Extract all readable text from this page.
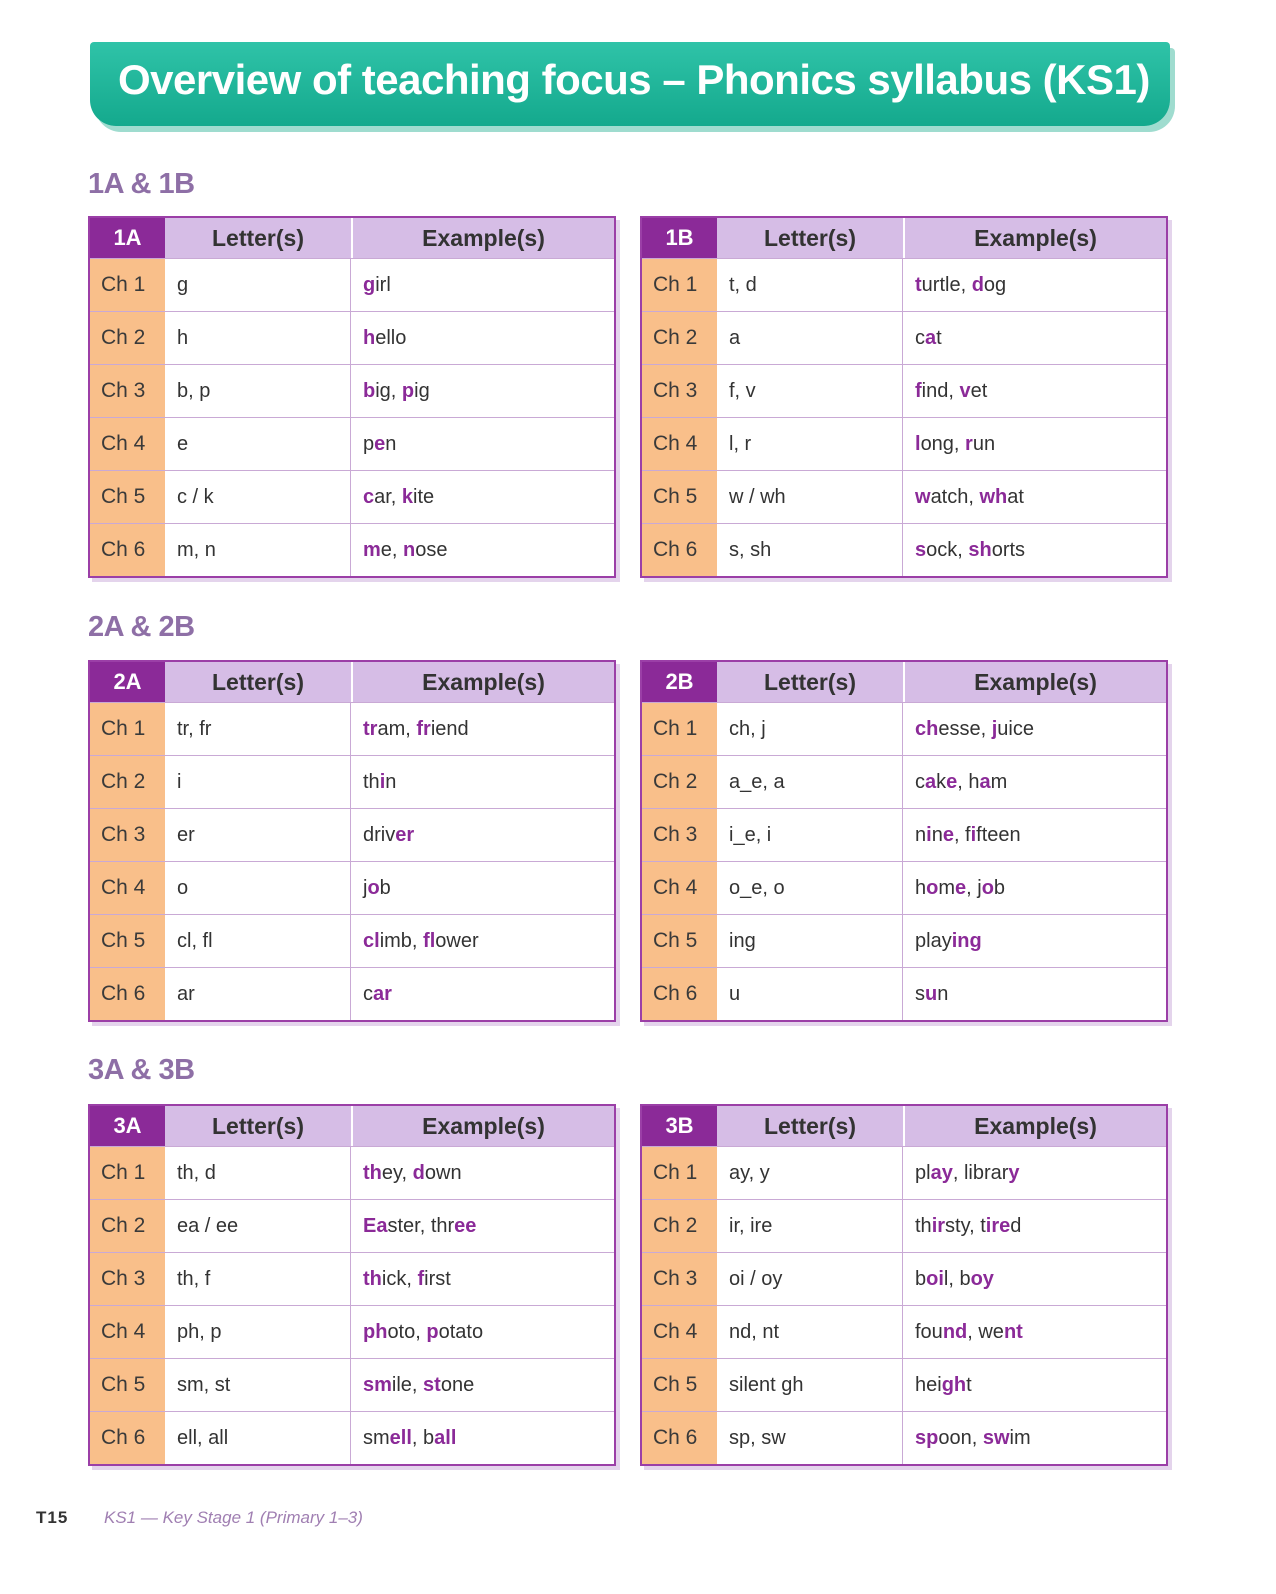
Overview of teaching focus – Phonics syllabus (KS1)
1A & 1B
1A	Letter(s)	Example(s)
Ch 1	g	g irl
Ch 2	h	h ello
Ch 3	b, p	b ig, p ig
Ch 4	e	p e n
Ch 5	c / k	c ar, k ite
Ch 6	m, n	m e, n ose
1B	Letter(s)	Example(s)
Ch 1	t, d	t urtle, d og
Ch 2	a	c a t
Ch 3	f, v	f ind, v et
Ch 4	l, r	l ong, r un
Ch 5	w / wh	w atch, wh at
Ch 6	s, sh	s ock, sh orts
2A & 2B
2A	Letter(s)	Example(s)
Ch 1	tr, fr	tr am, fr iend
Ch 2	i	th i n
Ch 3	er	driv er
Ch 4	o	j o b
Ch 5	cl, fl	cl imb, fl ower
Ch 6	ar	c ar
2B	Letter(s)	Example(s)
Ch 1	ch, j	ch esse, j uice
Ch 2	a_e, a	c a k e , h a m
Ch 3	i_e, i	n i n e , f i fteen
Ch 4	o_e, o	h o m e , j o b
Ch 5	ing	play ing
Ch 6	u	s u n
3A & 3B
3A	Letter(s)	Example(s)
Ch 1	th, d	th ey, d own
Ch 2	ea / ee	Ea ster, thr ee
Ch 3	th, f	th ick, f irst
Ch 4	ph, p	ph oto, p otato
Ch 5	sm, st	sm ile, st one
Ch 6	ell, all	sm ell , b all
3B	Letter(s)	Example(s)
Ch 1	ay, y	pl ay , librar y
Ch 2	ir, ire	th ir sty, t ire d
Ch 3	oi / oy	b oi l, b oy
Ch 4	nd, nt	fou nd , we nt
Ch 5	silent gh	hei gh t
Ch 6	sp, sw	sp oon, sw im
T15 KS1 — Key Stage 1 (Primary 1–3)
